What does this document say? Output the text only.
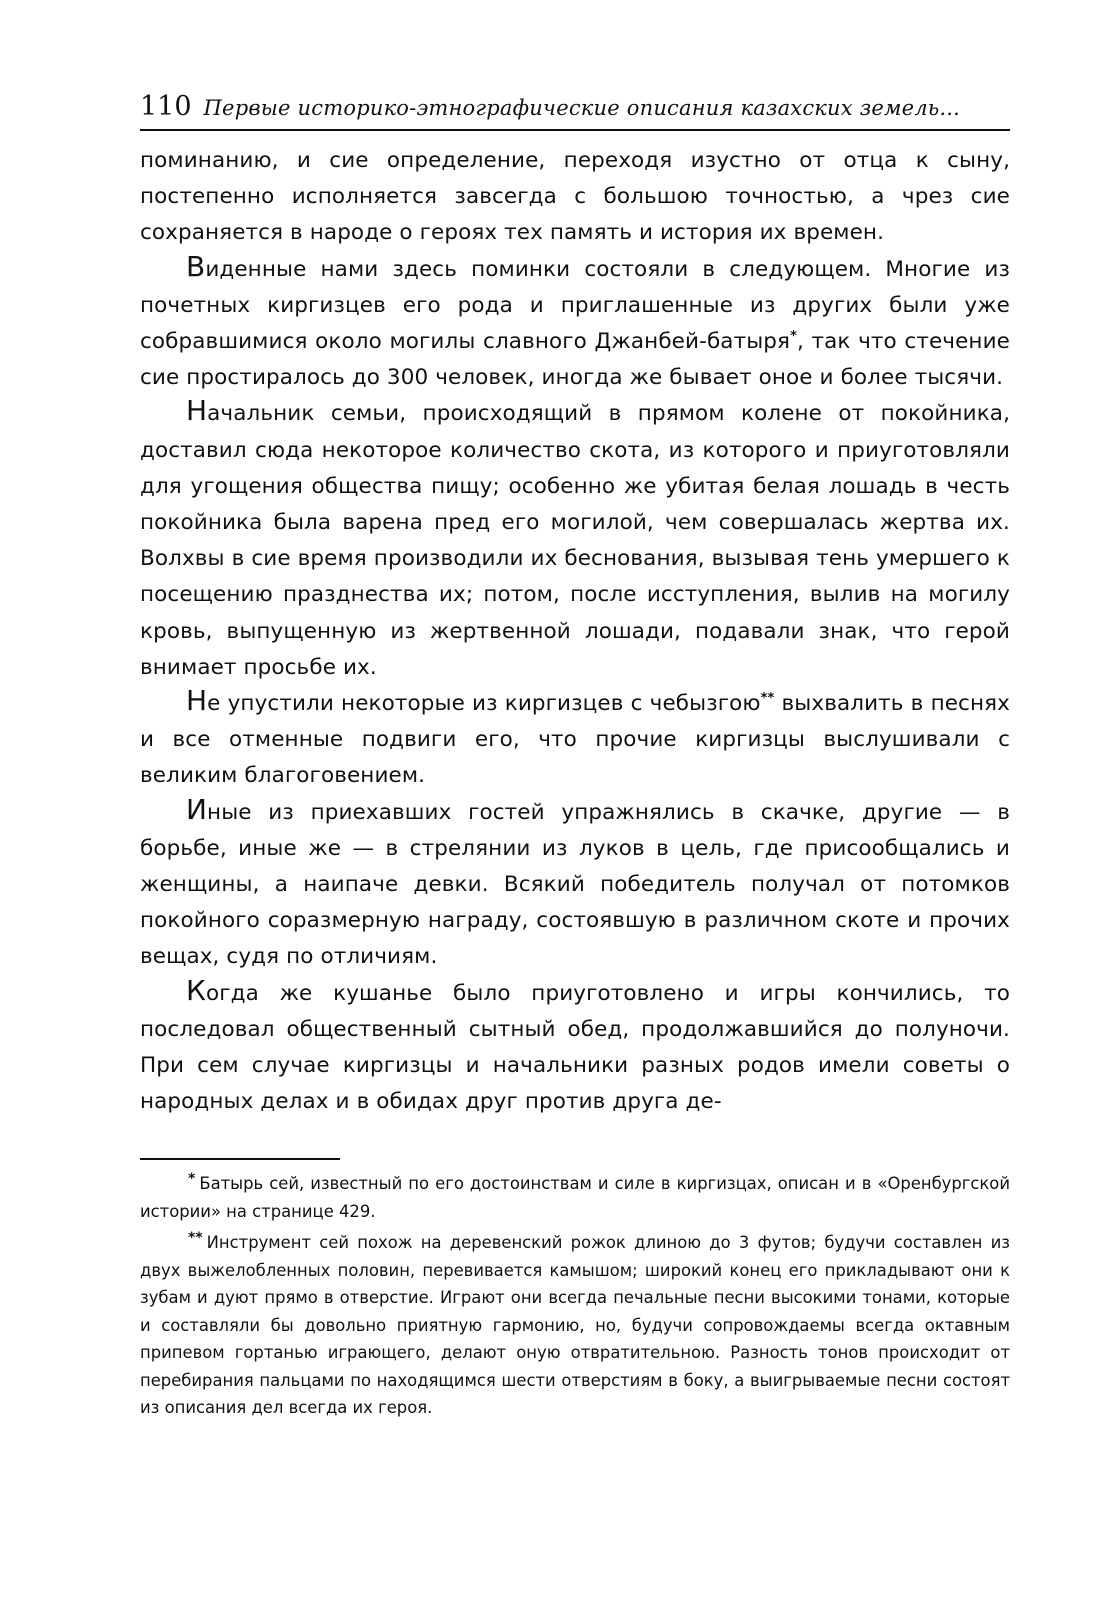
110 Первые историко-этнографические описания казахских земель...

поминанию, и сие определение, переходя изустно от отца к сыну, постепенно исполняется завсегда с большою точностью, а чрез сие сохраняется в народе о героях тех память и история их времен.

Виденные нами здесь поминки состояли в следующем. Многие из почетных киргизцев его рода и приглашенные из других были уже собравшимися около могилы славного Джанбей-батыря*, так что стечение сие простиралось до 300 человек, иногда же бывает оное и более тысячи.

Начальник семьи, происходящий в прямом колене от покойника, доставил сюда некоторое количество скота, из которого и приуготовляли для угощения общества пищу; особенно же убитая белая лошадь в честь покойника была варена пред его могилой, чем совершалась жертва их. Волхвы в сие время производили их беснования, вызывая тень умершего к посещению празднества их; потом, после исступления, вылив на могилу кровь, выпущенную из жертвенной лошади, подавали знак, что герой внимает просьбе их.

Не упустили некоторые из киргизцев с чебызгою** выхвалить в песнях и все отменные подвиги его, что прочие киргизцы выслушивали с великим благоговением.

Иные из приехавших гостей упражнялись в скачке, другие — в борьбе, иные же — в стрелянии из луков в цель, где присообщались и женщины, а наипаче девки. Всякий победитель получал от потомков покойного соразмерную награду, состоявшую в различном скоте и прочих вещах, судя по отличиям.

Когда же кушанье было приуготовлено и игры кончились, то последовал общественный сытный обед, продолжавшийся до полуночи. При сем случае киргизцы и начальники разных родов имели советы о народных делах и в обидах друг против друга де-

* Батырь сей, известный по его достоинствам и силе в киргизцах, описан и в «Оренбургской истории» на странице 429.

** Инструмент сей похож на деревенский рожок длиною до 3 футов; будучи составлен из двух выжелобленных половин, перевивается камышом; широкий конец его прикладывают они к зубам и дуют прямо в отверстие. Играют они всегда печальные песни высокими тонами, которые и составляли бы довольно приятную гармонию, но, будучи сопровождаемы всегда октавным припевом гортанью играющего, делают оную отвратительною. Разность тонов происходит от перебирания пальцами по находящимся шести отверстиям в боку, а выигрываемые песни состоят из описания дел всегда их героя.
